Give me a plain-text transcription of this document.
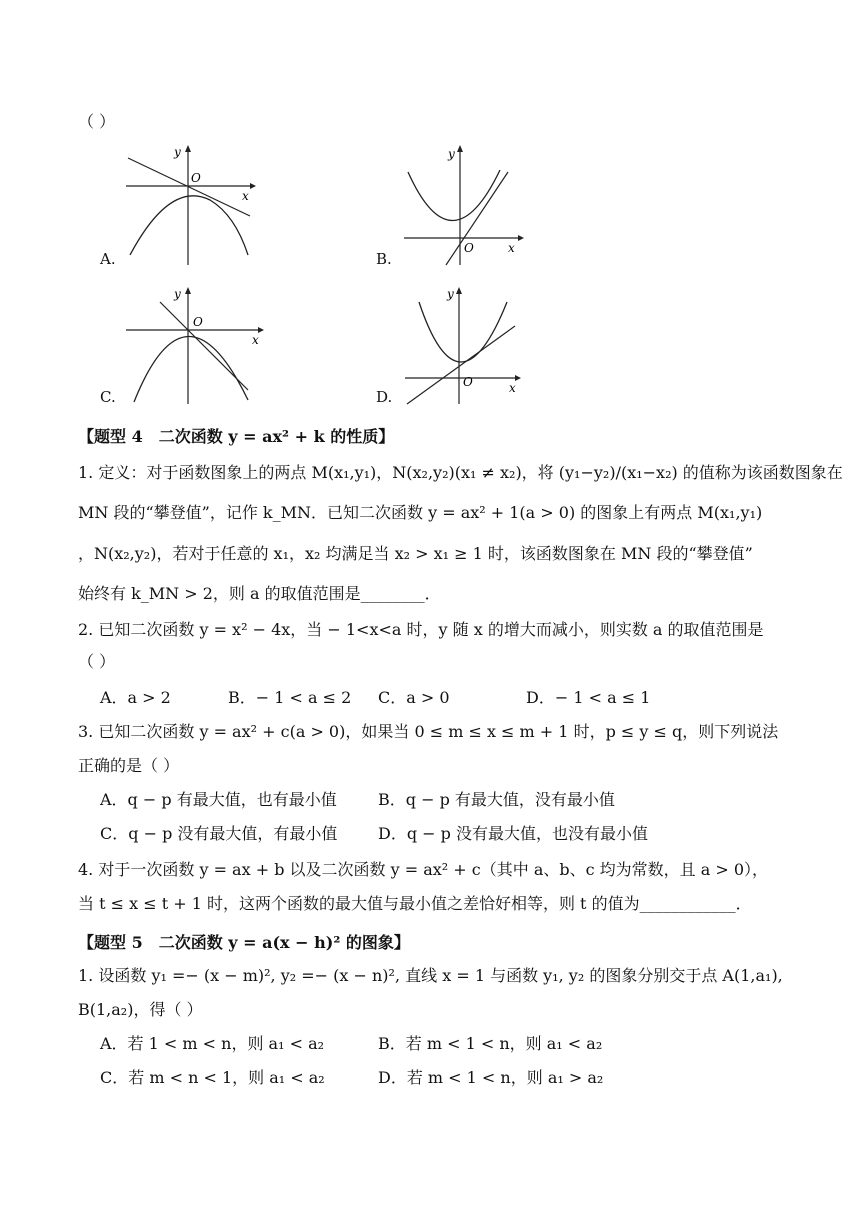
（ ）
y
x
O
A.
y
x
O
B.
y
x
O
C.
y
x
O
D.
【题型 4　二次函数 y = ax² + k 的性质】
1. 定义：对于函数图象上的两点 M(x₁,y₁)，N(x₂,y₂)(x₁ ≠ x₂)，将 (y₁−y₂)/(x₁−x₂) 的值称为该函数图象在
MN 段的“攀登值”，记作 k_MN．已知二次函数 y = ax² + 1(a > 0) 的图象上有两点 M(x₁,y₁)
，N(x₂,y₂)，若对于任意的 x₁，x₂ 均满足当 x₂ > x₁ ≥ 1 时，该函数图象在 MN 段的“攀登值”
始终有 k_MN > 2，则 a 的取值范围是________．
2. 已知二次函数 y = x² − 4x，当 − 1<x<a 时，y 随 x 的增大而减小，则实数 a 的取值范围是
（ ）
A．a > 2	B．− 1 < a ≤ 2 C．a > 0	D．− 1 < a ≤ 1
3. 已知二次函数 y = ax² + c(a > 0)，如果当 0 ≤ m ≤ x ≤ m + 1 时，p ≤ y ≤ q，则下列说法
正确的是（ ）
A．q − p 有最大值，也有最小值	B．q − p 有最大值，没有最小值
C．q − p 没有最大值，有最小值	D．q − p 没有最大值，也没有最小值
4. 对于一次函数 y = ax + b 以及二次函数 y = ax² + c（其中 a、b、c 均为常数，且 a > 0），
当 t ≤ x ≤ t + 1 时，这两个函数的最大值与最小值之差恰好相等，则 t 的值为____________．
【题型 5　二次函数 y = a(x − h)² 的图象】
1. 设函数 y₁ =− (x − m)², y₂ =− (x − n)², 直线 x = 1 与函数 y₁, y₂ 的图象分别交于点 A(1,a₁),
B(1,a₂)，得（ ）
A．若 1 < m < n，则 a₁ < a₂	B．若 m < 1 < n，则 a₁ < a₂
C．若 m < n < 1，则 a₁ < a₂	D．若 m < 1 < n，则 a₁ > a₂
